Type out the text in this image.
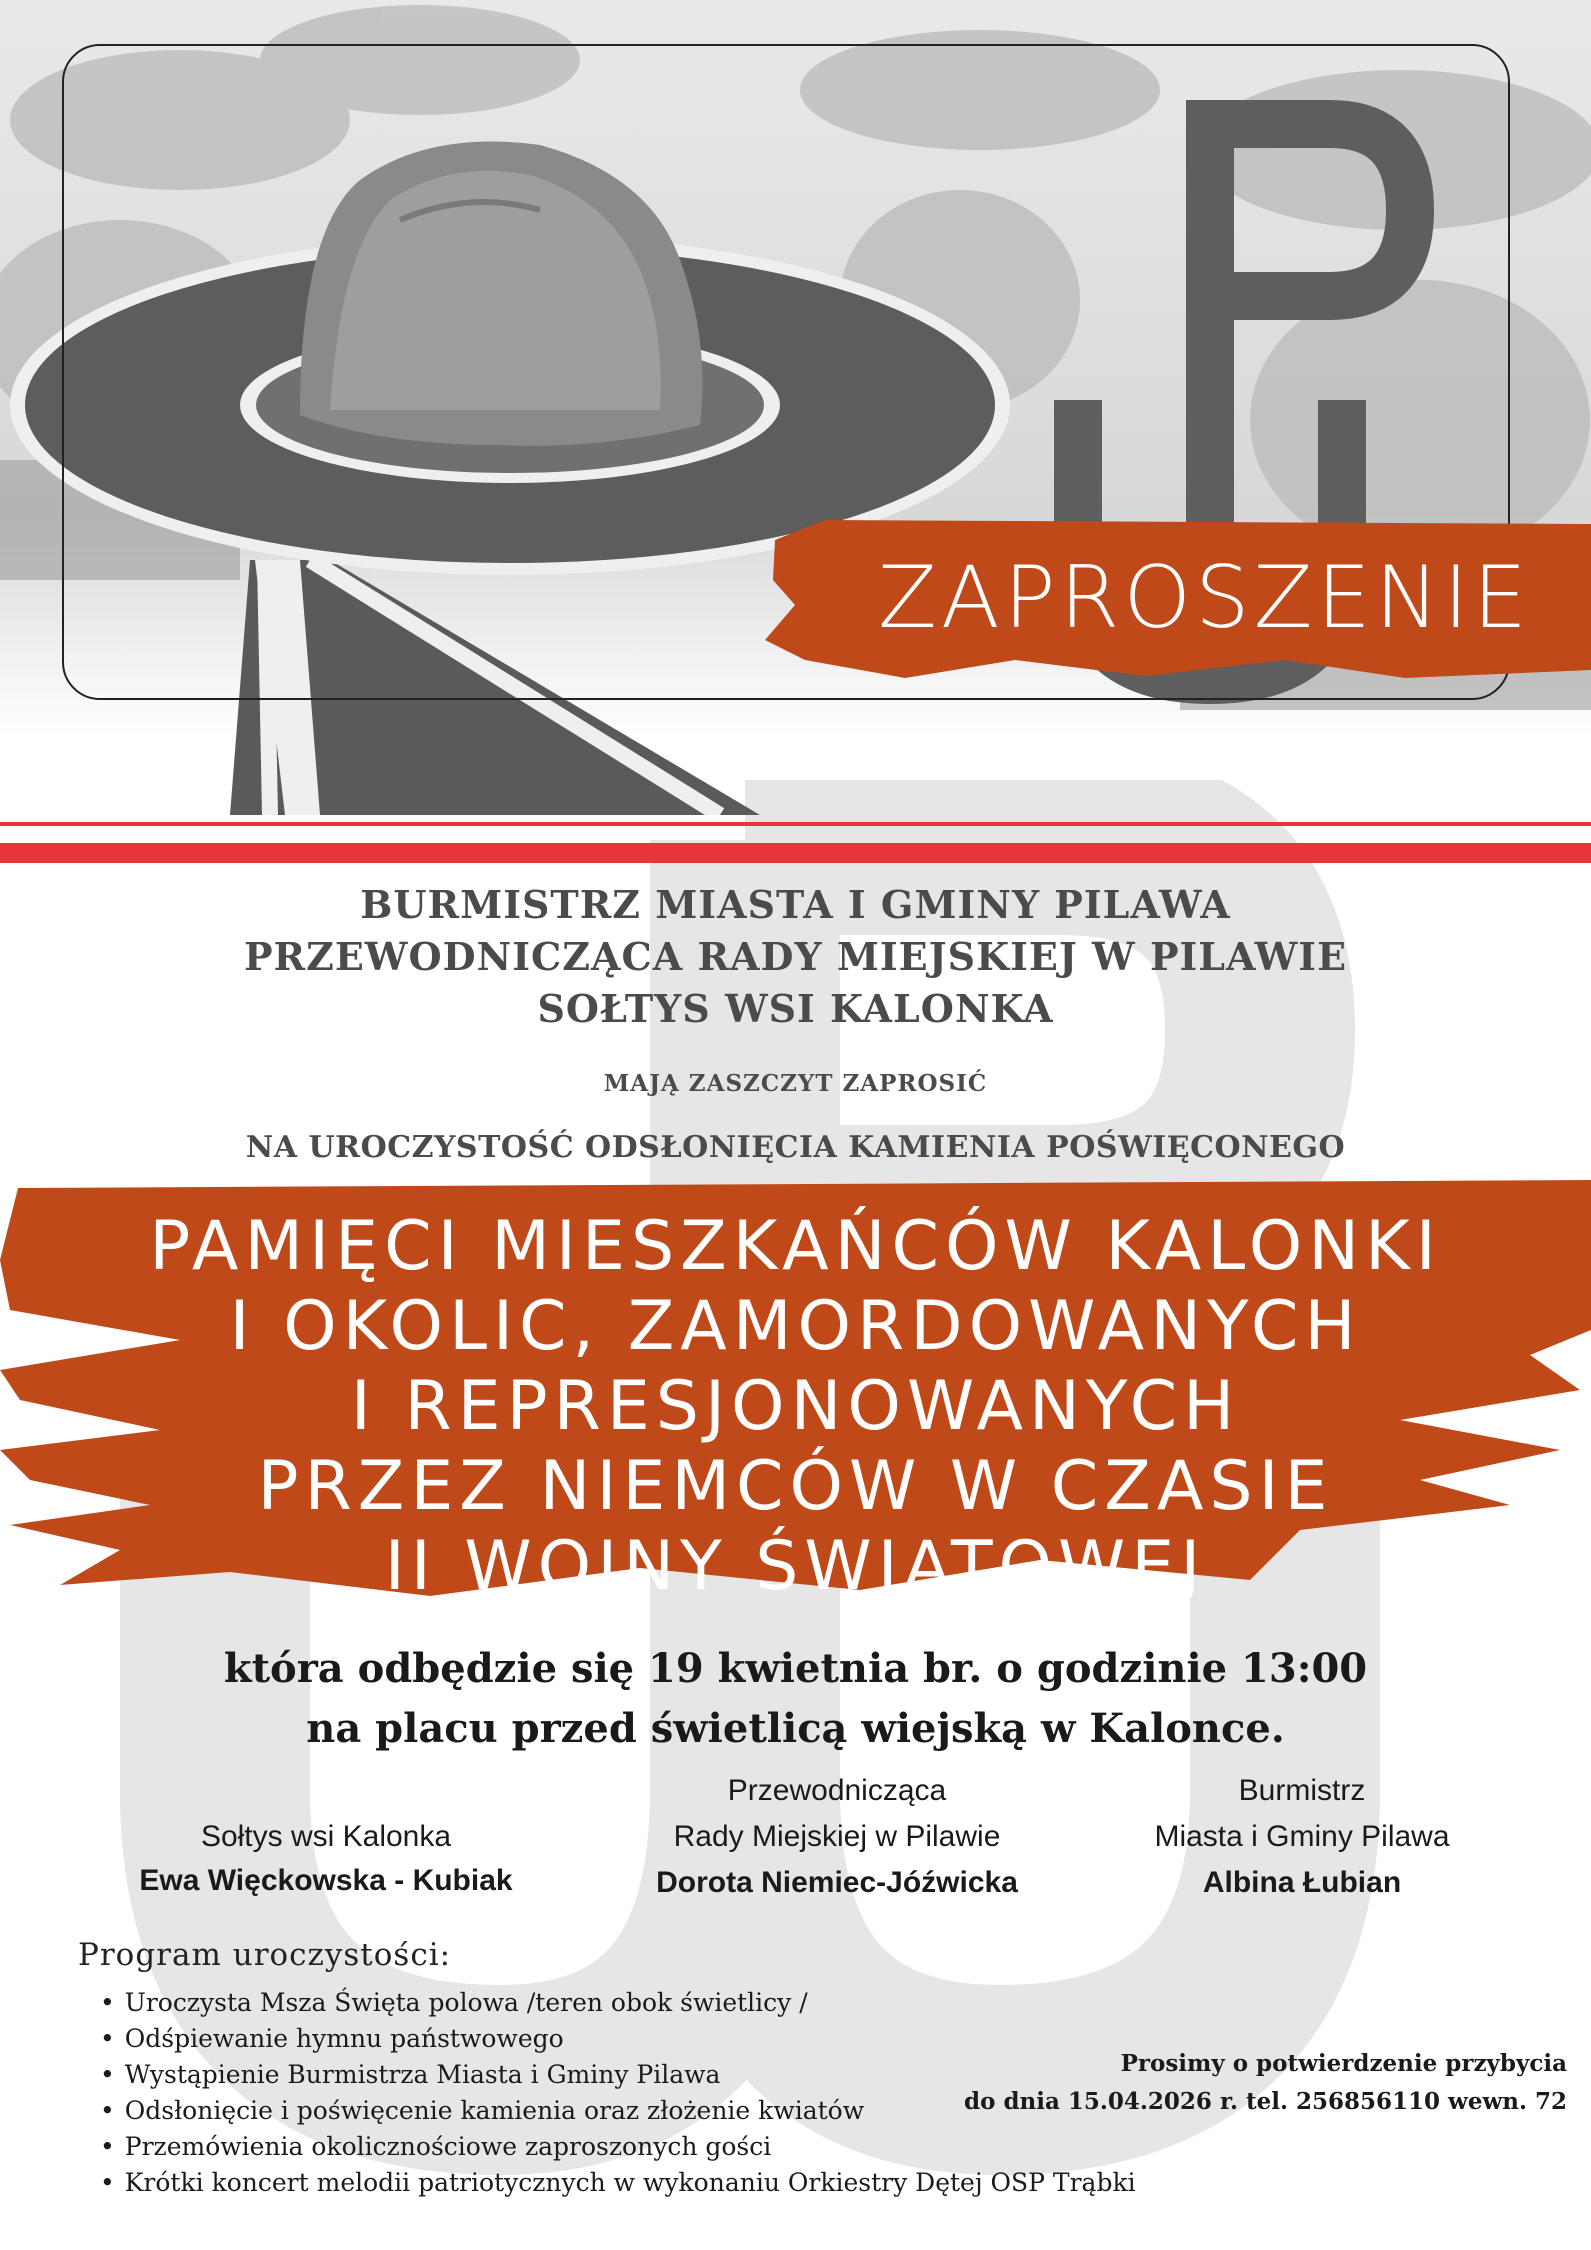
ZAPROSZENIE
BURMISTRZ MIASTA I GMINY PILAWA
PRZEWODNICZĄCA RADY MIEJSKIEJ W PILAWIE
SOŁTYS WSI KALONKA
MAJĄ ZASZCZYT ZAPROSIĆ
NA UROCZYSTOŚĆ ODSŁONIĘCIA KAMIENIA POŚWIĘCONEGO
PAMIĘCI MIESZKAŃCÓW KALONKI
I OKOLIC, ZAMORDOWANYCH
I REPRESJONOWANYCH
PRZEZ NIEMCÓW W CZASIE
II WOJNY ŚWIATOWEJ
która odbędzie się 19 kwietnia br. o godzinie 13:00
na placu przed świetlicą wiejską w Kalonce.
Sołtys wsi Kalonka
Ewa Więckowska - Kubiak
Przewodnicząca
Rady Miejskiej w Pilawie
Dorota Niemiec-Jóźwicka
Burmistrz
Miasta i Gminy Pilawa
Albina Łubian
Program uroczystości:
• Uroczysta Msza Święta polowa /teren obok świetlicy /
• Odśpiewanie hymnu państwowego
• Wystąpienie Burmistrza Miasta i Gminy Pilawa
• Odsłonięcie i poświęcenie kamienia oraz złożenie kwiatów
• Przemówienia okolicznościowe zaproszonych gości
• Krótki koncert melodii patriotycznych w wykonaniu Orkiestry Dętej OSP Trąbki
Prosimy o potwierdzenie przybycia
do dnia 15.04.2026 r. tel. 256856110 wewn. 72
